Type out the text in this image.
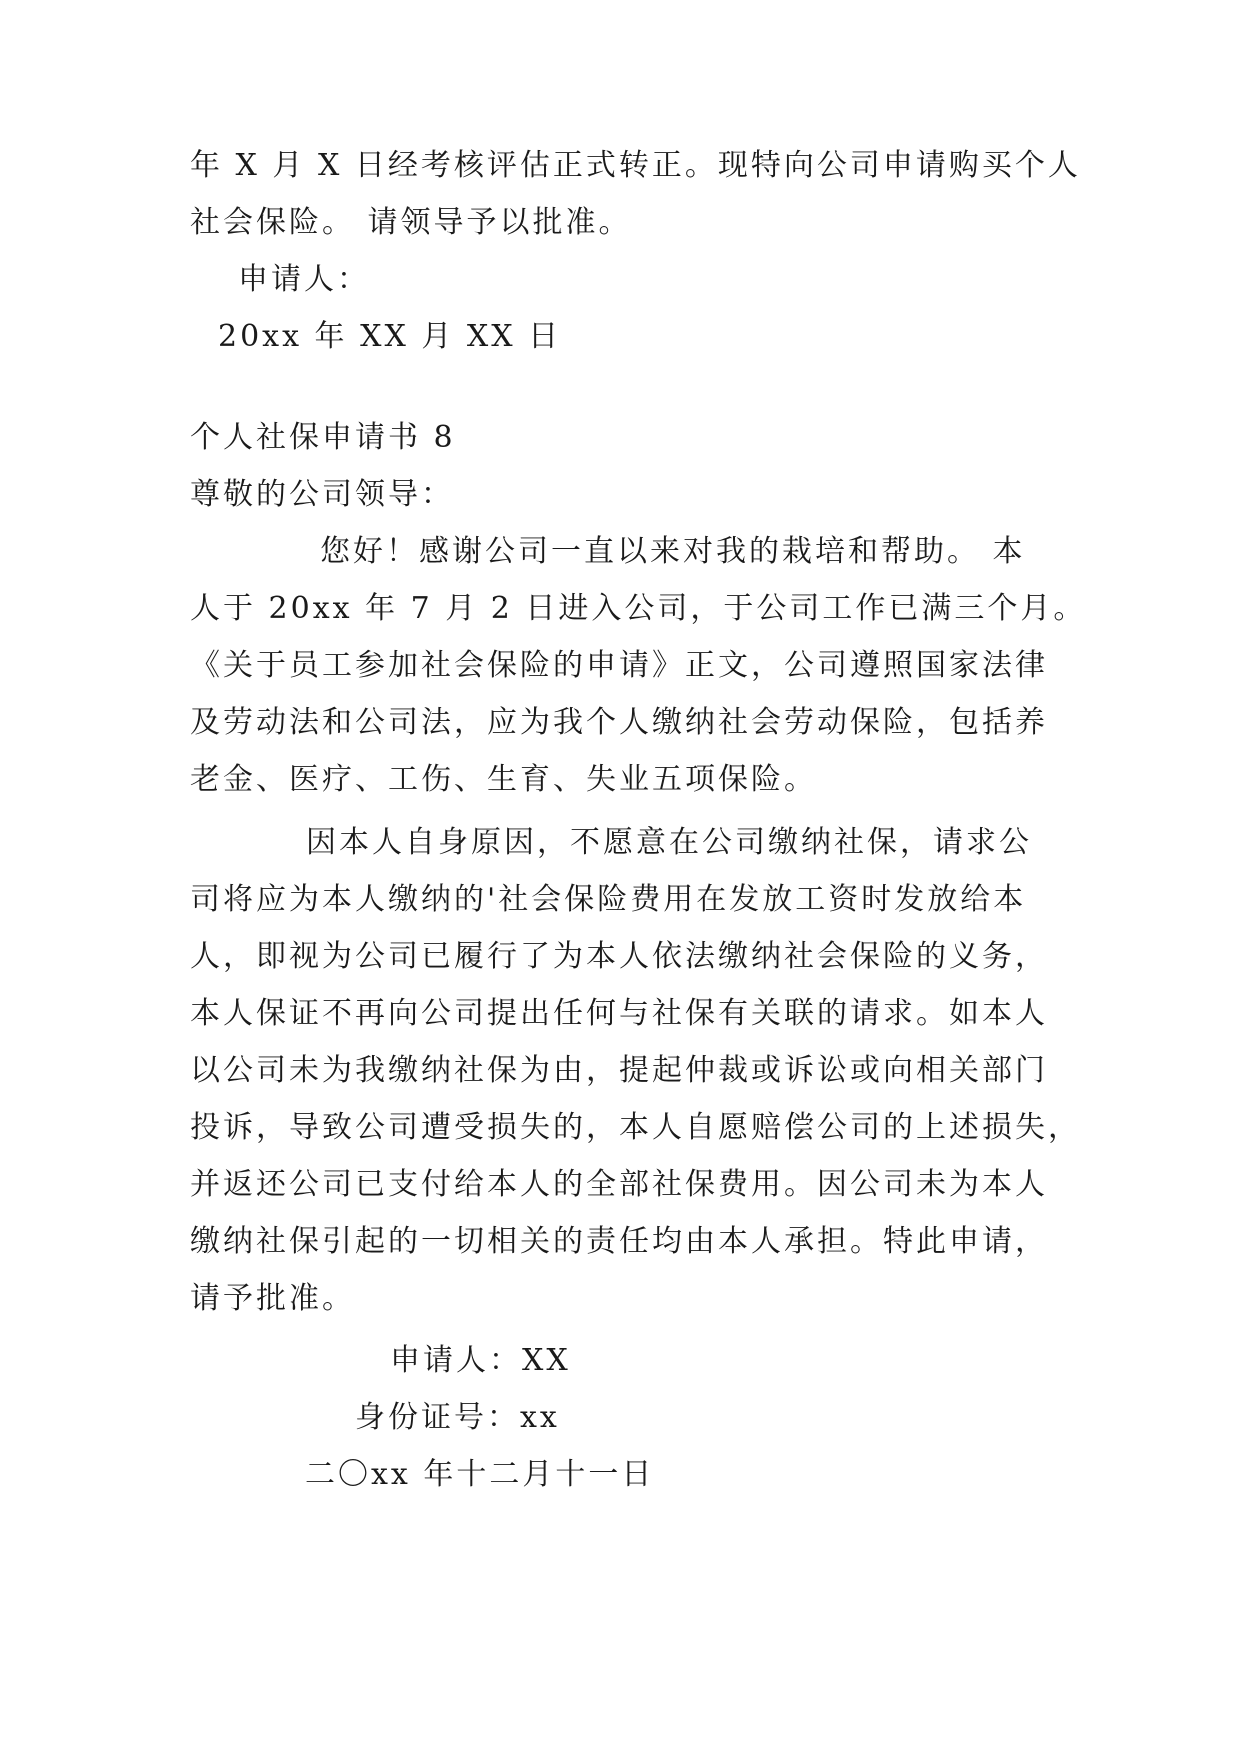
年 X 月 X 日经考核评估正式转正。现特向公司申请购买个人
社会保险。 请领导予以批准。
申请人：
20xx 年 XX 月 XX 日
个人社保申请书 8
尊敬的公司领导：
您好！感谢公司一直以来对我的栽培和帮助。 本
人于 20xx 年 7 月 2 日进入公司，于公司工作已满三个月。
《关于员工参加社会保险的申请》正文，公司遵照国家法律
及劳动法和公司法，应为我个人缴纳社会劳动保险，包括养
老金、医疗、工伤、生育、失业五项保险。
因本人自身原因，不愿意在公司缴纳社保，请求公
司将应为本人缴纳的'社会保险费用在发放工资时发放给本
人，即视为公司已履行了为本人依法缴纳社会保险的义务，
本人保证不再向公司提出任何与社保有关联的请求。如本人
以公司未为我缴纳社保为由，提起仲裁或诉讼或向相关部门
投诉，导致公司遭受损失的，本人自愿赔偿公司的上述损失，
并返还公司已支付给本人的全部社保费用。因公司未为本人
缴纳社保引起的一切相关的责任均由本人承担。特此申请，
请予批准。
申请人：XX
身份证号：xx
二〇xx 年十二月十一日
